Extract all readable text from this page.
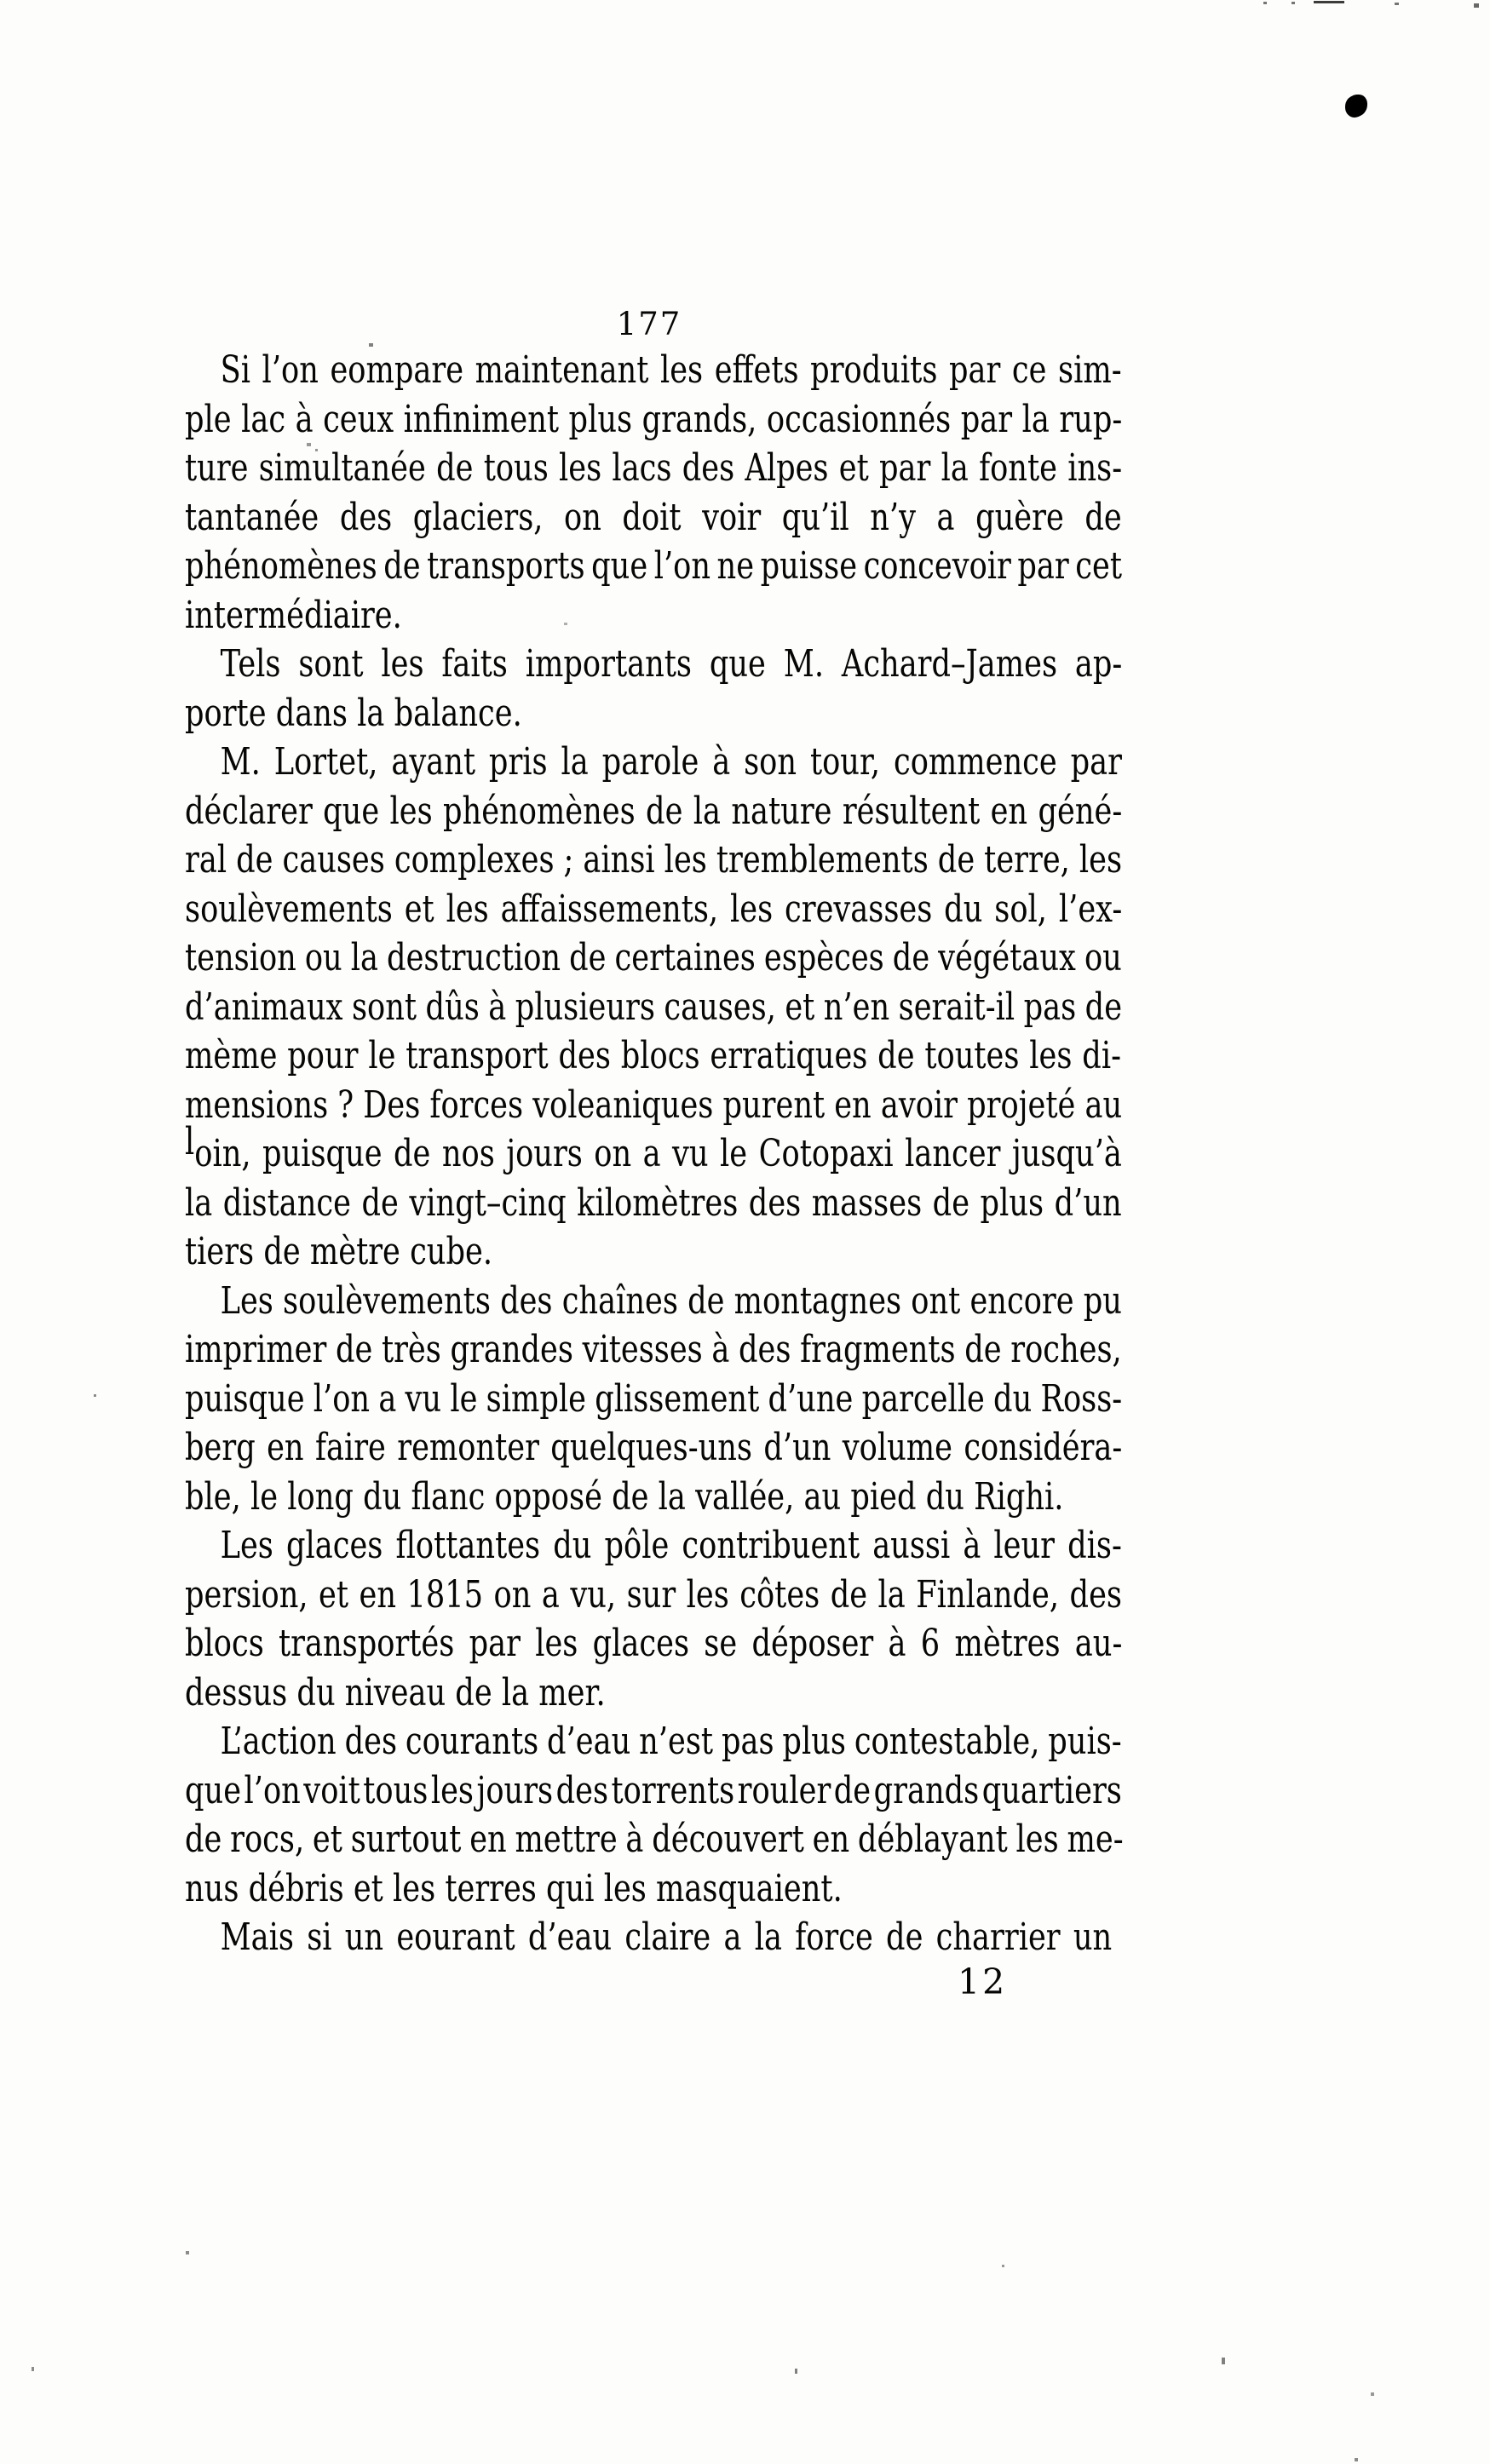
177
Si l’on eompare maintenant les effets produits par ce sim-
ple lac à ceux infiniment plus grands, occasionnés par la rup-
ture simultanée de tous les lacs des Alpes et par la fonte ins-
tantanée des glaciers, on doit voir qu’il n’y a guère de
phénomènes de transports que l’on ne puisse concevoir par cet
intermédiaire.
Tels sont les faits importants que M. Achard–James ap-
porte dans la balance.
M. Lortet, ayant pris la parole à son tour, commence par
déclarer que les phénomènes de la nature résultent en géné-
ral de causes complexes ; ainsi les tremblements de terre, les
soulèvements et les affaissements, les crevasses du sol, l’ex-
tension ou la destruction de certaines espèces de végétaux ou
d’animaux sont dûs à plusieurs causes, et n’en serait-il pas de
mème pour le transport des blocs erratiques de toutes les di-
mensions ? Des forces voleaniques purent en avoir projeté au
loin, puisque de nos jours on a vu le Cotopaxi lancer jusqu’à
la distance de vingt–cinq kilomètres des masses de plus d’un
tiers de mètre cube.
Les soulèvements des chaînes de montagnes ont encore pu
imprimer de très grandes vitesses à des fragments de roches,
puisque l’on a vu le simple glissement d’une parcelle du Ross-
berg en faire remonter quelques-uns d’un volume considéra-
ble, le long du flanc opposé de la vallée, au pied du Righi.
Les glaces flottantes du pôle contribuent aussi à leur dis-
persion, et en 1815 on a vu, sur les côtes de la Finlande, des
blocs transportés par les glaces se déposer à 6 mètres au-
dessus du niveau de la mer.
L’action des courants d’eau n’est pas plus contestable, puis-
que l’on voit tous les jours des torrents rouler de grands quartiers
de rocs, et surtout en mettre à découvert en déblayant les me-
nus débris et les terres qui les masquaient.
Mais si un eourant d’eau claire a la force de charrier un
12
